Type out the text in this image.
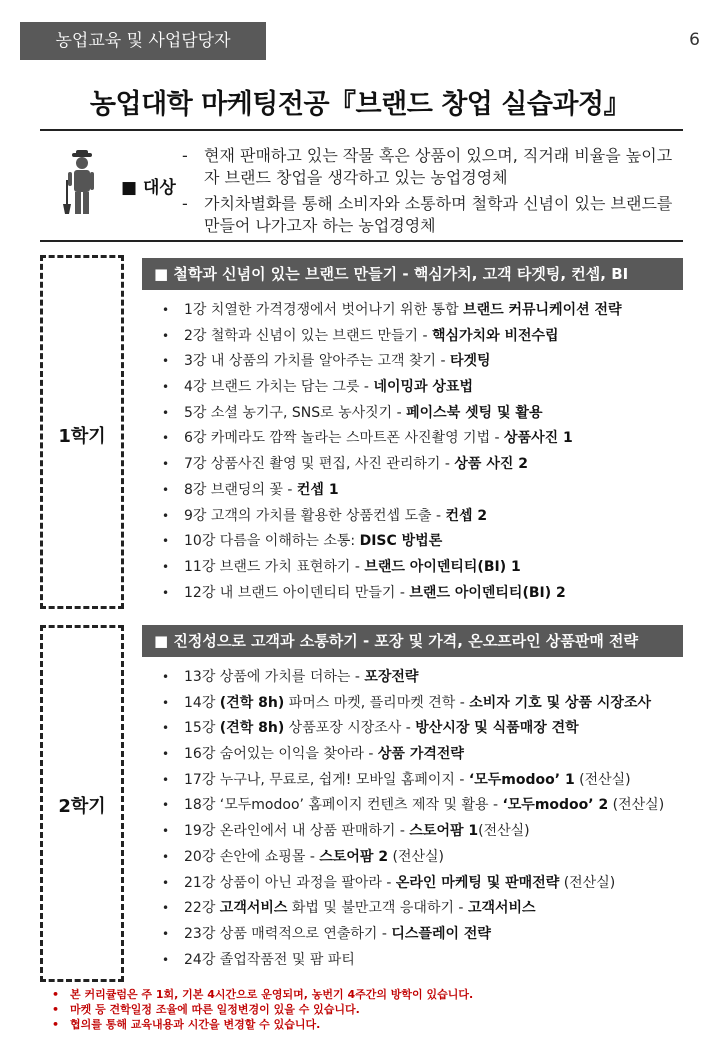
농업교육 및 사업담당자	6
농업대학 마케팅전공『브랜드 창업 실습과정』
■ 대상
- 현재 판매하고 있는 작물 혹은 상품이 있으며, 직거래 비율을 높이고자 브랜드 창업을 생각하고 있는 농업경영체
- 가치차별화를 통해 소비자와 소통하며 철학과 신념이 있는 브랜드를 만들어 나가고자 하는 농업경영체
1학기
■ 철학과 신념이 있는 브랜드 만들기 - 핵심가치, 고객 타겟팅, 컨셉, BI
• 1강 치열한 가격경쟁에서 벗어나기 위한 통합 브랜드 커뮤니케이션 전략
• 2강 철학과 신념이 있는 브랜드 만들기 - 핵심가치와 비전수립
• 3강 내 상품의 가치를 알아주는 고객 찾기 - 타겟팅
• 4강 브랜드 가치는 담는 그릇 - 네이밍과 상표법
• 5강 소셜 농기구, SNS로 농사짓기 - 페이스북 셋팅 및 활용
• 6강 카메라도 깜짝 놀라는 스마트폰 사진촬영 기법 - 상품사진 1
• 7강 상품사진 촬영 및 편집, 사진 관리하기 - 상품 사진 2
• 8강 브랜딩의 꽃 - 컨셉 1
• 9강 고객의 가치를 활용한 상품컨셉 도출 - 컨셉 2
• 10강 다름을 이해하는 소통: DISC 방법론
• 11강 브랜드 가치 표현하기 - 브랜드 아이덴티티(BI) 1
• 12강 내 브랜드 아이덴티티 만들기 - 브랜드 아이덴티티(BI) 2
2학기
■ 진정성으로 고객과 소통하기 - 포장 및 가격, 온오프라인 상품판매 전략
• 13강 상품에 가치를 더하는 - 포장전략
• 14강 (견학 8h) 파머스 마켓, 플리마켓 견학 - 소비자 기호 및 상품 시장조사
• 15강 (견학 8h) 상품포장 시장조사 - 방산시장 및 식품매장 견학
• 16강 숨어있는 이익을 찾아라 - 상품 가격전략
• 17강 누구나, 무료로, 쉽게! 모바일 홈페이지 - ‘모두modoo’ 1 (전산실)
• 18강 ‘모두modoo’ 홈페이지 컨텐츠 제작 및 활용 - ‘모두modoo’ 2 (전산실)
• 19강 온라인에서 내 상품 판매하기 - 스토어팜 1(전산실)
• 20강 손안에 쇼핑몰 - 스토어팜 2 (전산실)
• 21강 상품이 아닌 과정을 팔아라 - 온라인 마케팅 및 판매전략 (전산실)
• 22강 고객서비스 화법 및 불만고객 응대하기 - 고객서비스
• 23강 상품 매력적으로 연출하기 - 디스플레이 전략
• 24강 졸업작품전 및 팜 파티
• 본 커리큘럼은 주 1회, 기본 4시간으로 운영되며, 농번기 4주간의 방학이 있습니다.
• 마켓 등 견학일정 조율에 따른 일정변경이 있을 수 있습니다.
• 협의를 통해 교육내용과 시간을 변경할 수 있습니다.
